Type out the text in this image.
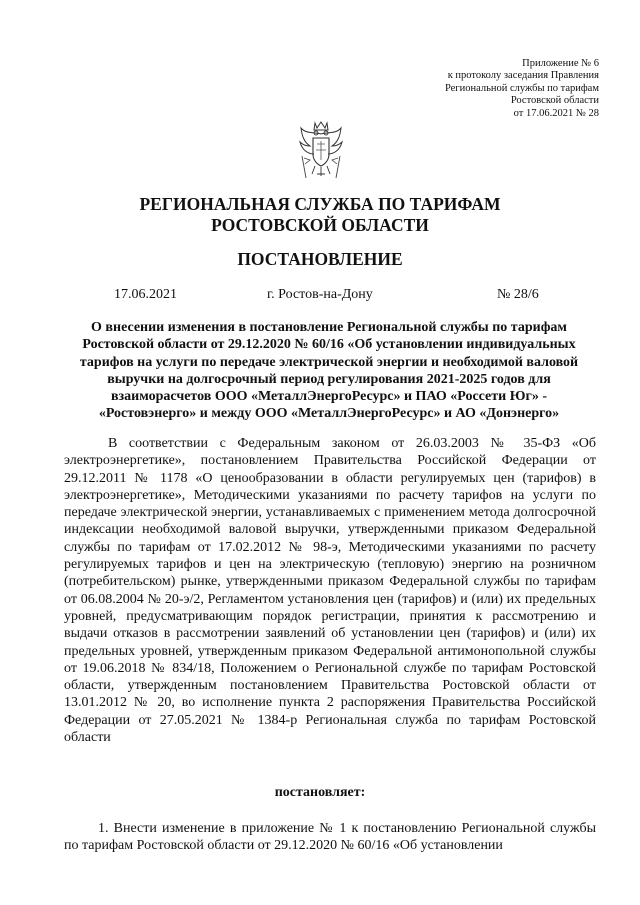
Приложение № 6
к протоколу заседания Правления
Региональной службы по тарифам
Ростовской области
от 17.06.2021 № 28
РЕГИОНАЛЬНАЯ СЛУЖБА ПО ТАРИФАМ
РОСТОВСКОЙ ОБЛАСТИ
ПОСТАНОВЛЕНИЕ
17.06.2021	г. Ростов-на-Дону	№ 28/6
О внесении изменения в постановление Региональной службы по тарифам Ростовской области от 29.12.2020 № 60/16 «Об установлении индивидуальных тарифов на услуги по передаче электрической энергии и необходимой валовой выручки на долгосрочный период регулирования 2021-2025 годов для взаиморасчетов ООО «МеталлЭнергоРесурс» и ПАО «Россети Юг» - «Ростовэнерго» и между ООО «МеталлЭнергоРесурс» и АО «Донэнерго»
В соответствии с Федеральным законом от 26.03.2003 № 35-ФЗ «Об электроэнергетике», постановлением Правительства Российской Федерации от 29.12.2011 № 1178 «О ценообразовании в области регулируемых цен (тарифов) в электроэнергетике», Методическими указаниями по расчету тарифов на услуги по передаче электрической энергии, устанавливаемых с применением метода долгосрочной индексации необходимой валовой выручки, утвержденными приказом Федеральной службы по тарифам от 17.02.2012 № 98-э, Методическими указаниями по расчету регулируемых тарифов и цен на электрическую (тепловую) энергию на розничном (потребительском) рынке, утвержденными приказом Федеральной службы по тарифам от 06.08.2004 № 20-э/2, Регламентом установления цен (тарифов) и (или) их предельных уровней, предусматривающим порядок регистрации, принятия к рассмотрению и выдачи отказов в рассмотрении заявлений об установлении цен (тарифов) и (или) их предельных уровней, утвержденным приказом Федеральной антимонопольной службы от 19.06.2018 № 834/18, Положением о Региональной службе по тарифам Ростовской области, утвержденным постановлением Правительства Ростовской области от 13.01.2012 № 20, во исполнение пункта 2 распоряжения Правительства Российской Федерации от 27.05.2021 № 1384-р Региональная служба по тарифам Ростовской области
постановляет:
1. Внести изменение в приложение № 1 к постановлению Региональной службы по тарифам Ростовской области от 29.12.2020 № 60/16 «Об установлении
